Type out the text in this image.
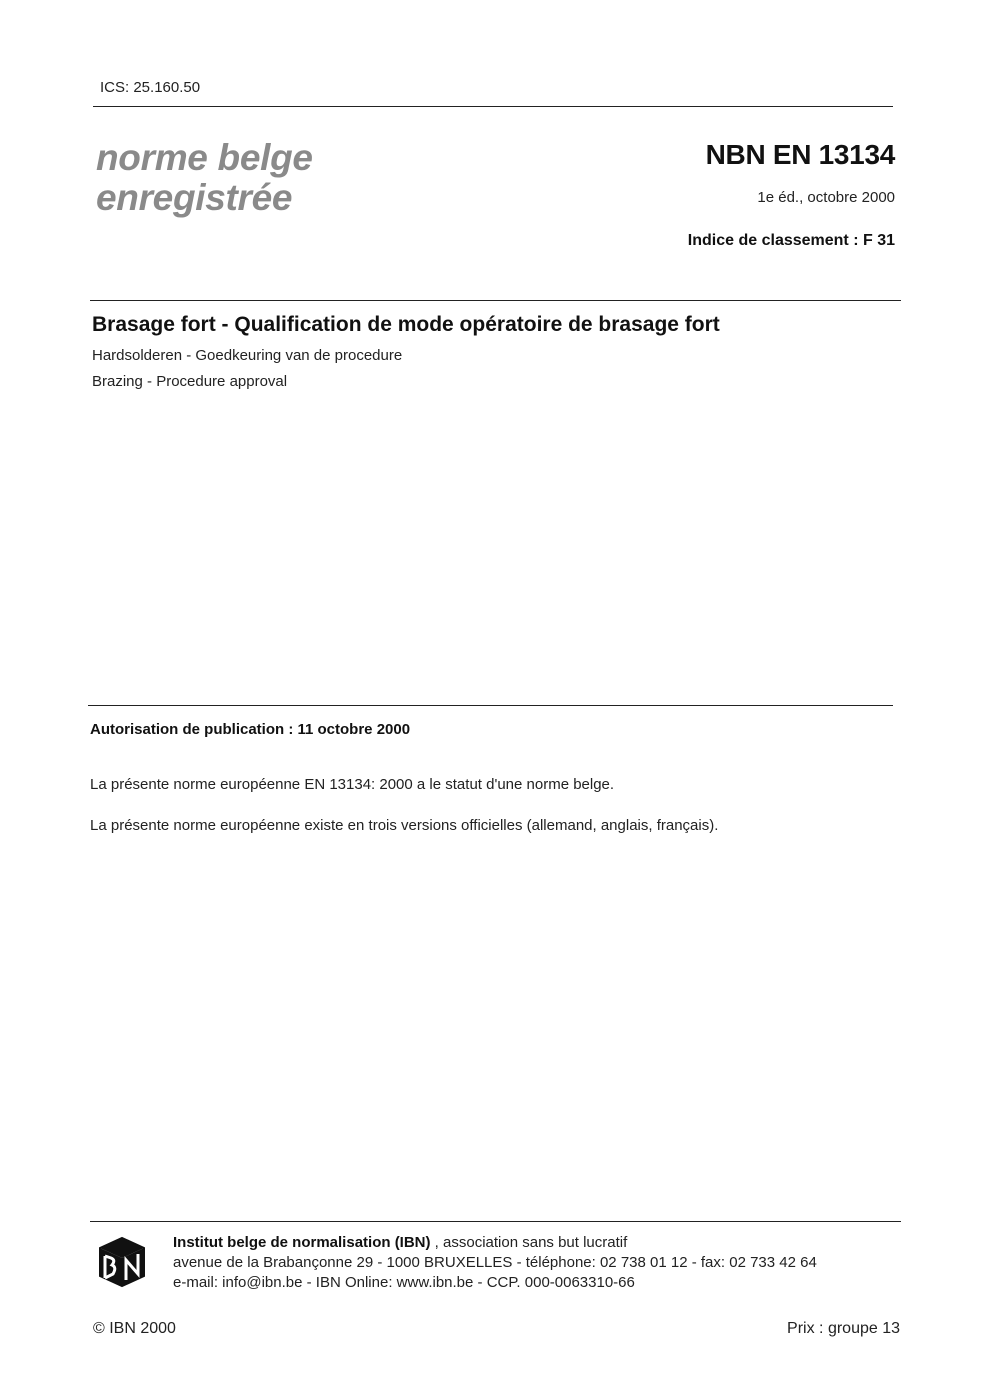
ICS: 25.160.50
norme belge
enregistrée
NBN EN 13134
1e éd., octobre 2000
Indice de classement : F 31
Brasage fort - Qualification de mode opératoire de brasage fort
Hardsolderen - Goedkeuring van de procedure
Brazing - Procedure approval
Autorisation de publication : 11 octobre 2000
La présente norme européenne EN 13134: 2000 a le statut d'une norme belge.
La présente norme européenne existe en trois versions officielles (allemand, anglais, français).
Institut belge de normalisation (IBN) , association sans but lucratif
avenue de la Brabançonne 29 - 1000 BRUXELLES - téléphone: 02 738 01 12 - fax: 02 733 42 64
e-mail: info@ibn.be - IBN Online: www.ibn.be - CCP. 000-0063310-66
© IBN 2000	Prix : groupe 13
